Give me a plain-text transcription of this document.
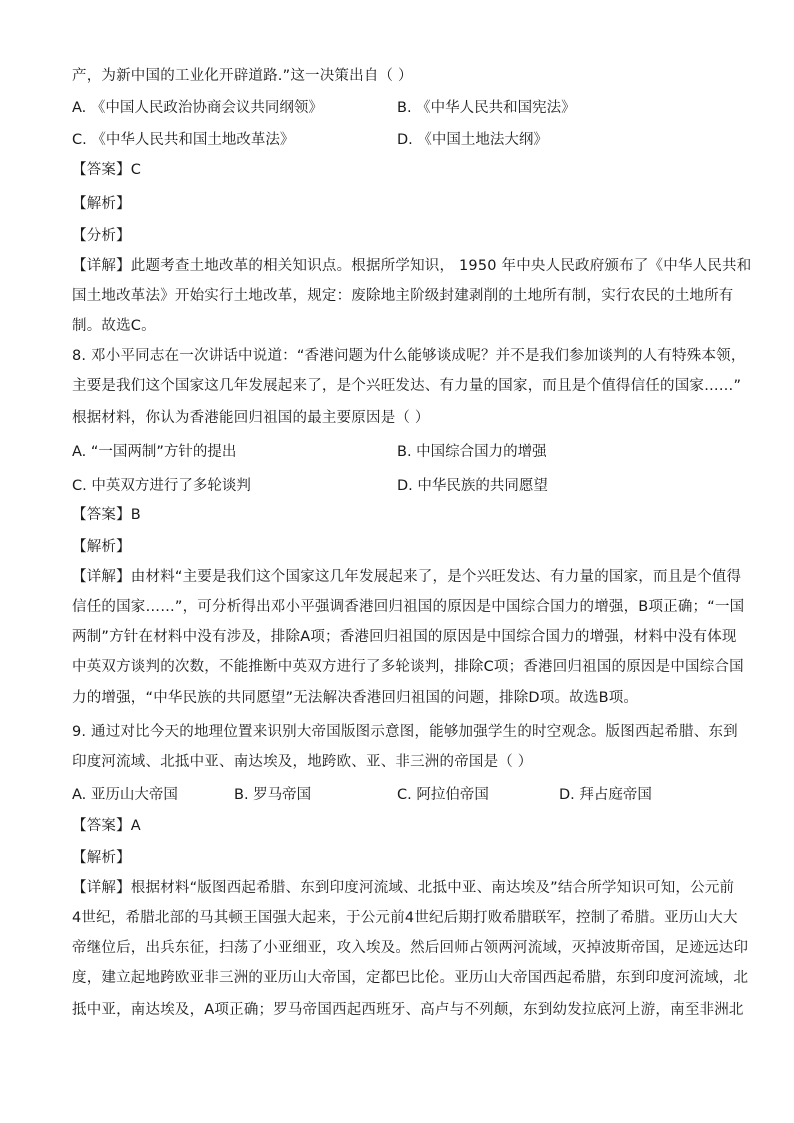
产，为新中国的工业化开辟道路.”这一决策出自（ ）
A. 《中国人民政治协商会议共同纲领》	B. 《中华人民共和国宪法》
C. 《中华人民共和国土地改革法》	D. 《中国土地法大纲》
【答案】C
【解析】
【分析】
【详解】此题考查土地改革的相关知识点。根据所学知识， 1950 年中央人民政府颁布了《中华人民共和
国土地改革法》开始实行土地改革，规定：废除地主阶级封建剥削的土地所有制，实行农民的土地所有
制。故选C。
8. 邓小平同志在一次讲话中说道：“香港问题为什么能够谈成呢？并不是我们参加谈判的人有特殊本领，
主要是我们这个国家这几年发展起来了，是个兴旺发达、有力量的国家，而且是个值得信任的国家……”
根据材料，你认为香港能回归祖国的最主要原因是（ ）
A. “一国两制”方针的提出	B. 中国综合国力的增强
C. 中英双方进行了多轮谈判	D. 中华民族的共同愿望
【答案】B
【解析】
【详解】由材料“主要是我们这个国家这几年发展起来了，是个兴旺发达、有力量的国家，而且是个值得
信任的国家……”，可分析得出邓小平强调香港回归祖国的原因是中国综合国力的增强，B项正确；“一国
两制”方针在材料中没有涉及，排除A项；香港回归祖国的原因是中国综合国力的增强，材料中没有体现
中英双方谈判的次数，不能推断中英双方进行了多轮谈判，排除C项；香港回归祖国的原因是中国综合国
力的增强，“中华民族的共同愿望”无法解决香港回归祖国的问题，排除D项。故选B项。
9. 通过对比今天的地理位置来识别大帝国版图示意图，能够加强学生的时空观念。版图西起希腊、东到
印度河流域、北抵中亚、南达埃及，地跨欧、亚、非三洲的帝国是（ ）
A. 亚历山大帝国	B. 罗马帝国	C. 阿拉伯帝国	D. 拜占庭帝国
【答案】A
【解析】
【详解】根据材料“版图西起希腊、东到印度河流域、北抵中亚、南达埃及”结合所学知识可知，公元前
4世纪，希腊北部的马其顿王国强大起来，于公元前4世纪后期打败希腊联军，控制了希腊。亚历山大大
帝继位后，出兵东征，扫荡了小亚细亚，攻入埃及。然后回师占领两河流域，灭掉波斯帝国，足迹远达印
度，建立起地跨欧亚非三洲的亚历山大帝国，定都巴比伦。亚历山大帝国西起希腊，东到印度河流域，北
抵中亚，南达埃及，A项正确；罗马帝国西起西班牙、高卢与不列颠，东到幼发拉底河上游，南至非洲北
